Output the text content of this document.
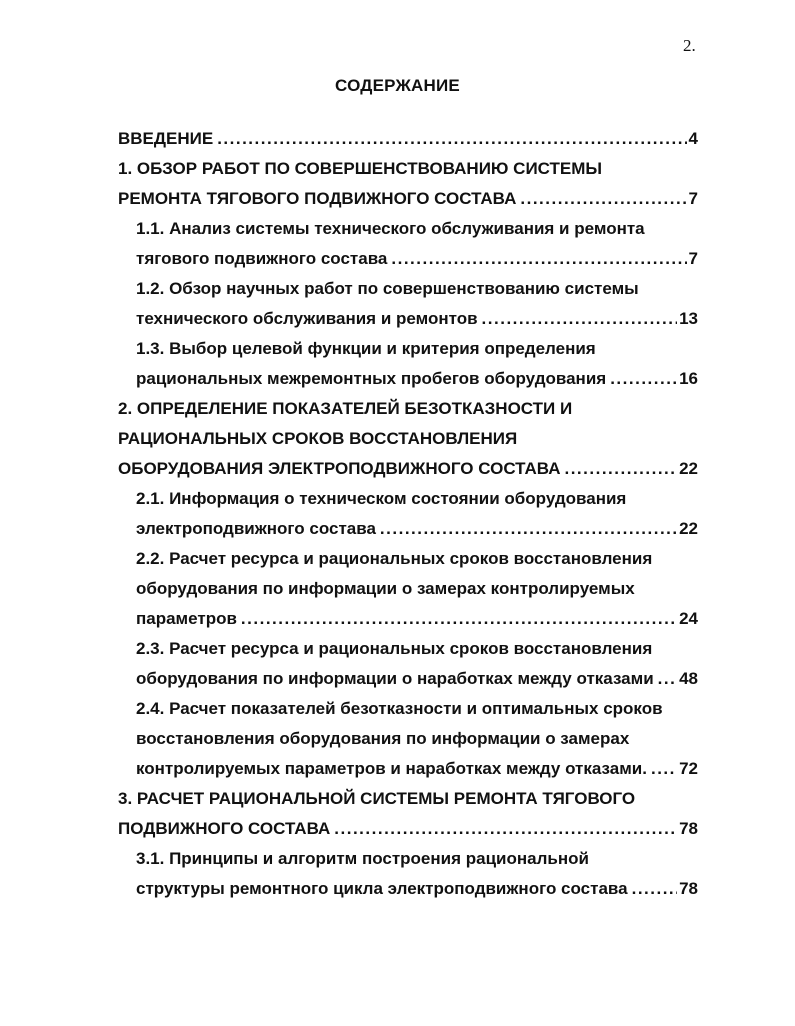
2.
СОДЕРЖАНИЕ
ВВЕДЕНИЕ .....	4
1. ОБЗОР РАБОТ ПО СОВЕРШЕНСТВОВАНИЮ СИСТЕМЫ
РЕМОНТА ТЯГОВОГО ПОДВИЖНОГО СОСТАВА .....	7
1.1. Анализ системы технического обслуживания и ремонта
тягового подвижного состава .....	7
1.2. Обзор научных работ по совершенствованию системы
технического обслуживания и ремонтов .....	13
1.3. Выбор целевой функции и критерия определения
рациональных межремонтных пробегов оборудования .....	16
2. ОПРЕДЕЛЕНИЕ ПОКАЗАТЕЛЕЙ БЕЗОТКАЗНОСТИ И
РАЦИОНАЛЬНЫХ СРОКОВ ВОССТАНОВЛЕНИЯ
ОБОРУДОВАНИЯ ЭЛЕКТРОПОДВИЖНОГО СОСТАВА .....	22
2.1. Информация о техническом состоянии оборудования
электроподвижного состава .....	22
2.2. Расчет ресурса и рациональных сроков восстановления
оборудования по информации о замерах контролируемых
параметров .....	24
2.3. Расчет ресурса и рациональных сроков восстановления
оборудования по информации о наработках между отказами ..... 48
2.4. Расчет показателей безотказности и оптимальных сроков
восстановления оборудования по информации о замерах
контролируемых параметров и наработках между отказами. ..... 72
3. РАСЧЕТ РАЦИОНАЛЬНОЙ СИСТЕМЫ РЕМОНТА ТЯГОВОГО
ПОДВИЖНОГО СОСТАВА .....	78
3.1. Принципы и алгоритм построения рациональной
структуры ремонтного цикла электроподвижного состава .....	78
